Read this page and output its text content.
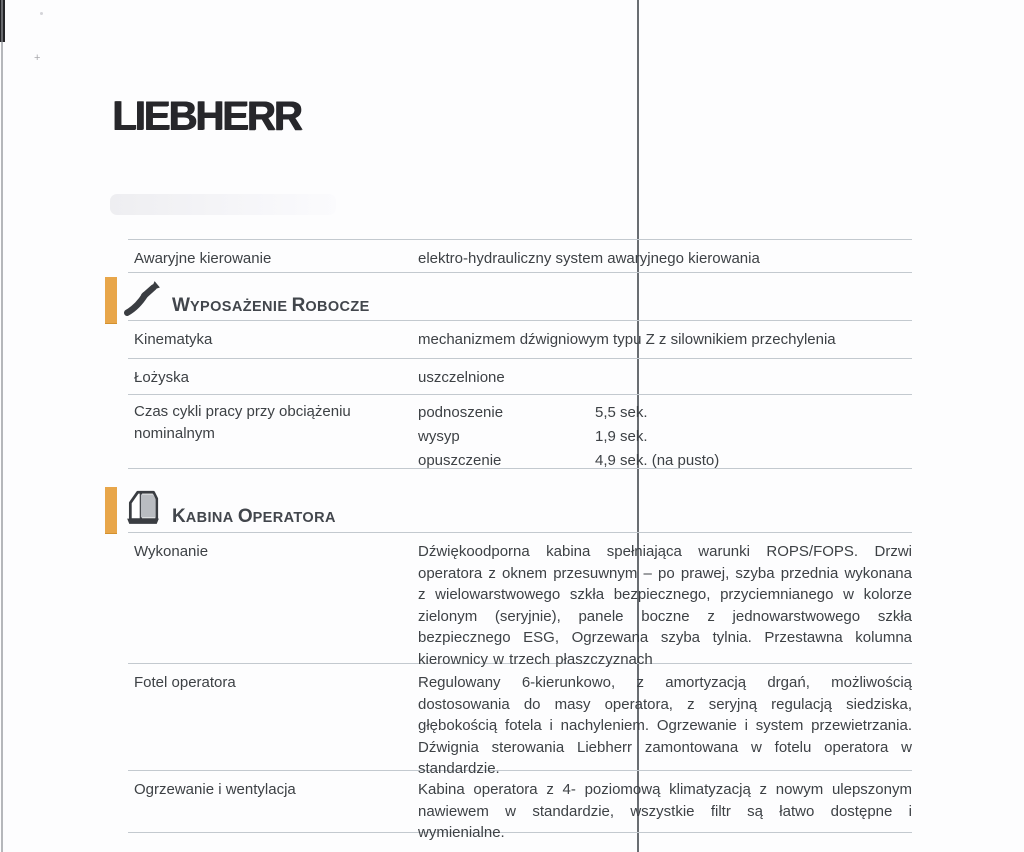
+
LIEBHERR
Awaryjne kierowanie	elektro-hydrauliczny system awaryjnego kierowania
WYPOSAŻENIE ROBOCZE
Kinematyka	mechanizmem dźwigniowym typu Z z silownikiem przechylenia
Łożyska	uszczelnione
Czas cykli pracy przy obciążeniu nominalnym
podnoszenie	5,5 sek.
wysyp	1,9 sek.
opuszczenie	4,9 sek. (na pusto)
KABINA OPERATORA
Wykonanie	Dźwiękoodporna kabina spełniająca warunki ROPS/FOPS. Drzwi operatora z oknem przesuwnym – po prawej, szyba przednia wykonana z wielowarstwowego szkła bezpiecznego, przyciemnianego w kolorze zielonym (seryjnie), panele boczne z jednowarstwowego szkła bezpiecznego ESG, Ogrzewana szyba tylnia. Przestawna kolumna kierownicy w trzech płaszczyznach
Fotel operatora	Regulowany 6-kierunkowo, z amortyzacją drgań, możliwością dostosowania do masy operatora, z seryjną regulacją siedziska, głębokością fotela i nachyleniem. Ogrzewanie i system przewietrzania. Dźwignia sterowania Liebherr zamontowana w fotelu operatora w standardzie.
Ogrzewanie i wentylacja	Kabina operatora z 4- poziomową klimatyzacją z nowym ulepszonym nawiewem w standardzie, wszystkie filtr są łatwo dostępne i wymienialne.
